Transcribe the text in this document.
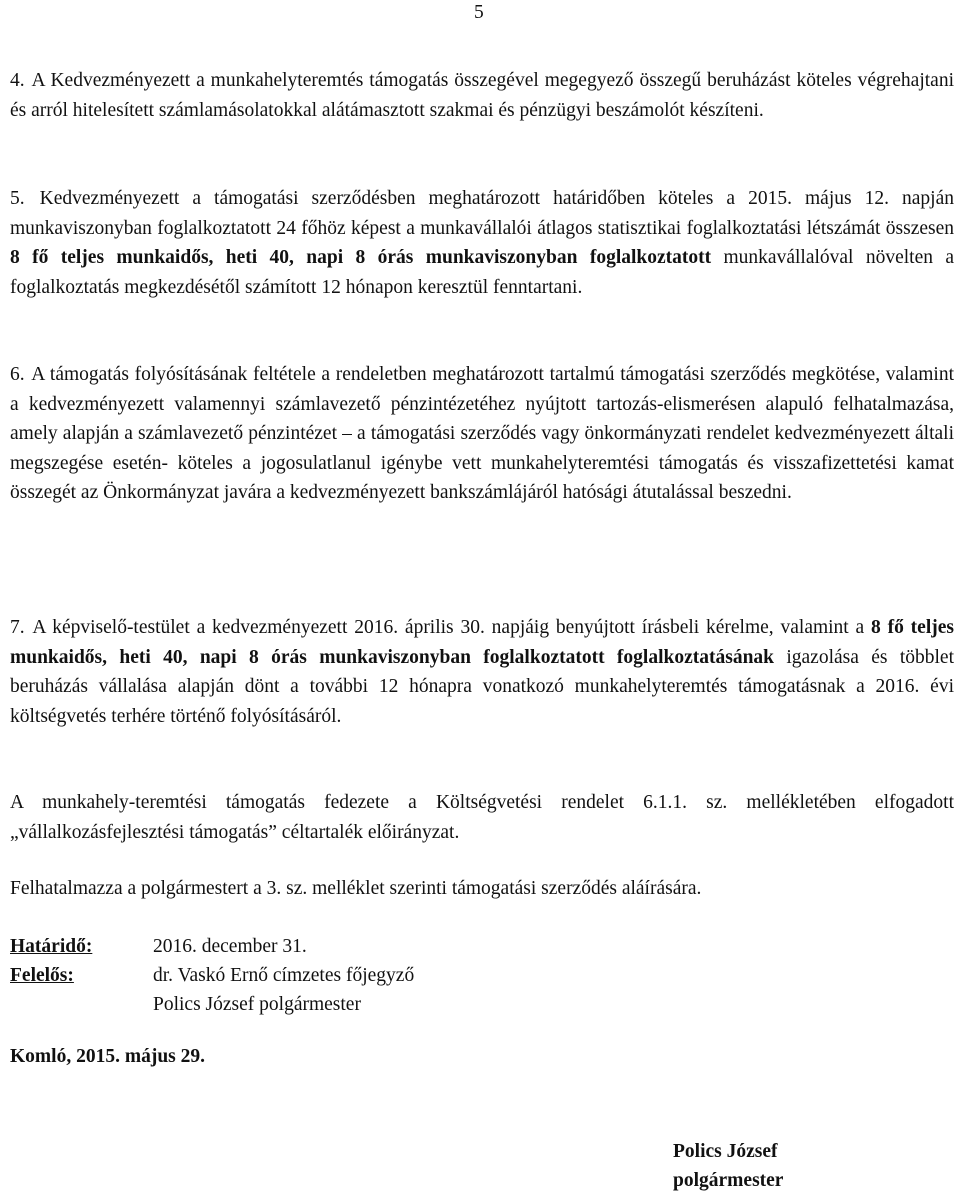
5
4. A Kedvezményezett a munkahelyteremtés támogatás összegével megegyező összegű beruházást köteles végrehajtani és arról hitelesített számlamásolatokkal alátámasztott szakmai és pénzügyi beszámolót készíteni.
5. Kedvezményezett a támogatási szerződésben meghatározott határidőben köteles a 2015. május 12. napján munkaviszonyban foglalkoztatott 24 főhöz képest a munkavállalói átlagos statisztikai foglalkoztatási létszámát összesen 8 fő teljes munkaidős, heti 40, napi 8 órás munkaviszonyban foglalkoztatott munkavállalóval növelten a foglalkoztatás megkezdésétől számított 12 hónapon keresztül fenntartani.
6. A támogatás folyósításának feltétele a rendeletben meghatározott tartalmú támogatási szerződés megkötése, valamint a kedvezményezett valamennyi számlavezető pénzintézetéhez nyújtott tartozás-elismerésen alapuló felhatalmazása, amely alapján a számlavezető pénzintézet – a támogatási szerződés vagy önkormányzati rendelet kedvezményezett általi megszegése esetén- köteles a jogosulatlanul igénybe vett munkahelyteremtési támogatás és visszafizettetési kamat összegét az Önkormányzat javára a kedvezményezett bankszámlájáról hatósági átutalással beszedni.
7. A képviselő-testület a kedvezményezett 2016. április 30. napjáig benyújtott írásbeli kérelme, valamint a 8 fő teljes munkaidős, heti 40, napi 8 órás munkaviszonyban foglalkoztatott foglalkoztatásának igazolása és többlet beruházás vállalása alapján dönt a további 12 hónapra vonatkozó munkahelyteremtés támogatásnak a 2016. évi költségvetés terhére történő folyósításáról.
A munkahely-teremtési támogatás fedezete a Költségvetési rendelet 6.1.1. sz. mellékletében elfogadott „vállalkozásfejlesztési támogatás” céltartalék előirányzat.
Felhatalmazza a polgármestert a 3. sz. melléklet szerinti támogatási szerződés aláírására.
Határidő:	2016. december 31.
Felelős:	dr. Vaskó Ernő címzetes főjegyző
Polics József polgármester
Komló, 2015. május 29.
Polics József
polgármester
